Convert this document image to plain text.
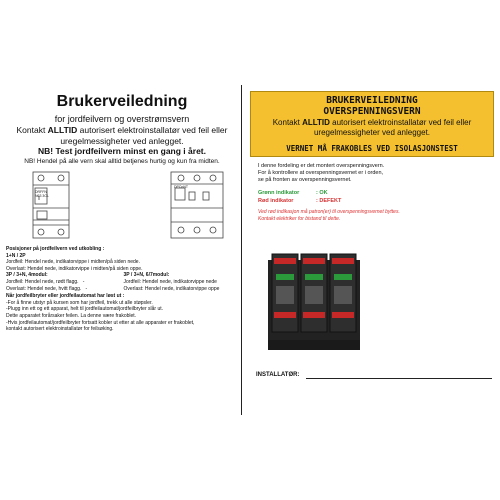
Brukerveiledning
for jordfeilvern og overstrømsvern
Kontakt ALLTID autorisert elektroinstallatør ved feil eller uregelmessigheter ved anlegget.
NB! Test jordfeilvern minst en gang i året.
NB! Hendel på alle vern skal alltid betjenes hurtig og kun fra midten.
DRFFN
N63 3OL
DPCnNT
Posisjoner på jordfeilvern ved utkobling :
1+N / 2P
Jordfeil: Hendel nede, indikatorvippe i midten/på siden nede.
Overlast: Hendel nede, indikatorvippe i midten/på siden oppe.
3P / 3+N, 4modul:
Jordfeil: Hendel nede, rødt flagg. -
Overlast: Hendel nede, hvitt flagg. -
3P / 3+N, 6/7modul:
Jordfeil: Hendel nede, indikatorvippe nede
Overlast: Hendel nede, indikatorvippe oppe
Når jordfeilbryter eller jordfeilautomat har løst ut :
-For å finne utstyr på kursen som har jordfeil, trekk ut alle støpsler.
-Plugg inn ett og ett apparat, helt til jordfeilautomat/jordfeilbryter slår ut.
Dette apparatet forårsaker feilen. La denne være frakoblet.
-Hvis jordfeilautomat/jordfeilbryter fortsatt kobler ut etter at alle apparater er frakoblet,
kontakt autorisert elektroinstallatør for feilsøking.
BRUKERVEILEDNING
OVERSPENNINGSVERN
Kontakt ALLTID autorisert elektroinstallatør ved feil eller uregelmessigheter ved anlegget.
VERNET MÅ FRAKOBLES VED ISOLASJONSTEST
I denne fordeling er det montert overspenningsvern.
For å kontrollere at overspenningsvernet er i orden,
se på fronten av overspenningsvernet.
Grønn indikator	: OK
Rød indikator	: DEFEKT
Ved rød indikasjon må patron(er) til overspenningsvernet byttes.
Kontakt elektriker for bistand til dette.
INSTALLATØR:
